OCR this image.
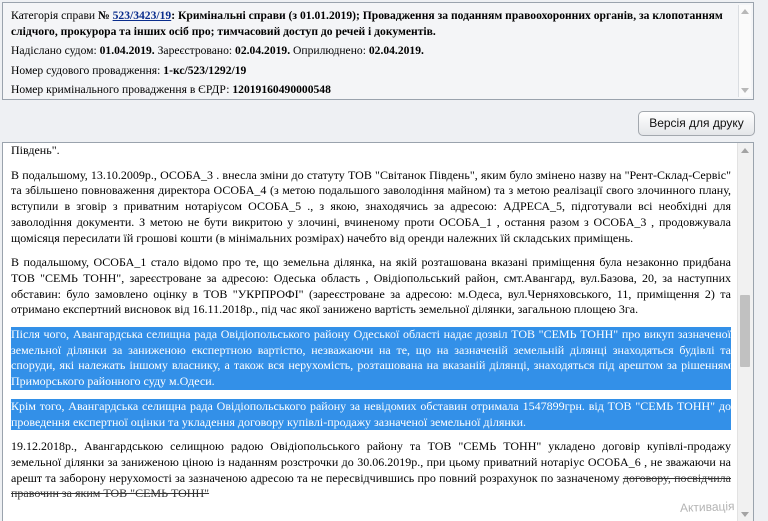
Категорія справи № 523/3423/19: Кримінальні справи (з 01.01.2019); Провадження за поданням правоохоронних органів, за клопотанням слідчого, прокурора та інших осіб про; тимчасовий доступ до речей і документів.
Надіслано судом: 01.04.2019. Зареєстровано: 02.04.2019. Оприлюднено: 02.04.2019.
Номер судового провадження: 1-кс/523/1292/19
Номер кримінального провадження в ЄРДР: 12019160490000548
Версія для друку

Південь".

В подальшому, 13.10.2009р., ОСОБА_3 . внесла зміни до статуту ТОВ "Світанок Південь", яким було змінено назву на "Рент-Склад-Сервіс" та збільшено повноваження директора ОСОБА_4 (з метою подальшого заволодіння майном) та з метою реалізації свого злочинного плану, вступили в зговір з приватним нотаріусом ОСОБА_5 ., з якою, знаходячись за адресою: АДРЕСА_5, підготували всі необхідні для заволодіння документи. З метою не бути викритою у злочині, вчиненому проти ОСОБА_1 , остання разом з ОСОБА_3 , продовжувала щомісяця пересилати їй грошові кошти (в мінімальних розмірах) начебто від оренди належних їй складських приміщень.

В подальшому, ОСОБА_1 стало відомо про те, що земельна ділянка, на якій розташована вказані приміщення була незаконно придбана ТОВ "СЕМЬ ТОНН", зареєстроване за адресою: Одеська область , Овідіопольський район, смт.Авангард, вул.Базова, 20, за наступних обставин: було замовлено оцінку в ТОВ "УКРПРОФІ" (зареєстроване за адресою: м.Одеса, вул.Черняховського, 11, приміщення 2) та отримано експертний висновок від 16.11.2018р., під час якої занижено вартість земельної ділянки, загальною площею 3га.

Після чого, Авангардська селищна рада Овідіопольського району Одеської області надає дозвіл ТОВ "СЕМЬ ТОНН" про викуп зазначеної земельної ділянки за заниженою експертною вартістю, незважаючи на те, що на зазначеній земельній ділянці знаходяться будівлі та споруди, які належать іншому власнику, а також вся нерухомість, розташована на вказаній ділянці, знаходяться під арештом за рішенням Приморського районного суду м.Одеси.

Крім того, Авангардська селищна рада Овідіопольського району за невідомих обставин отримала 1547899грн. від ТОВ "СЕМЬ ТОНН" до проведення експертної оцінки та укладення договору купівлі-продажу зазначеної земельної ділянки.

19.12.2018р., Авангардською селищною радою Овідіопольського району та ТОВ "СЕМЬ ТОНН" укладено договір купівлі-продажу земельної ділянки за заниженою ціною із наданням розстрочки до 30.06.2019р., при цьому приватний нотаріус ОСОБА_6 , не зважаючи на арешт та заборону нерухомості за зазначеною адресою та не пересвідчившись про повний розрахунок по зазначеному договору, посвідчила правочин за яким ТОВ "СЕМЬ ТОНН"

Активація
